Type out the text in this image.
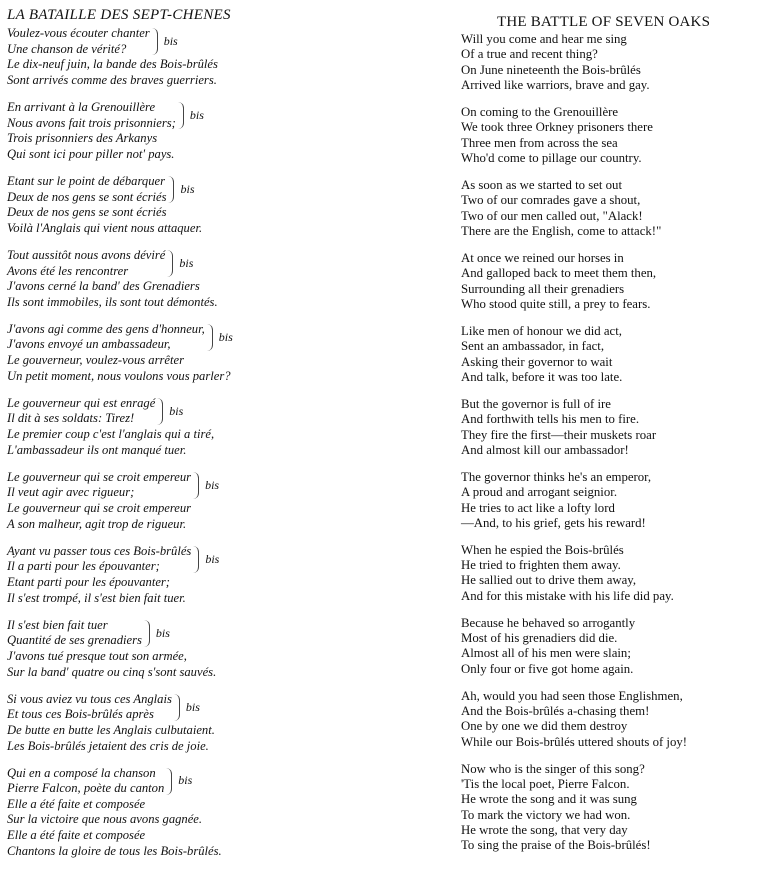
LA BATAILLE DES SEPT-CHENES
Voulez-vous écouter chanter
Une chanson de vérité?
bis
Le dix-neuf juin, la bande des Bois-brûlés
Sont arrivés comme des braves guerriers.
En arrivant à la Grenouillère
Nous avons fait trois prisonniers;
bis
Trois prisonniers des Arkanys
Qui sont ici pour piller not' pays.
Etant sur le point de débarquer
Deux de nos gens se sont écriés
bis
Deux de nos gens se sont écriés
Voilà l'Anglais qui vient nous attaquer.
Tout aussitôt nous avons déviré
Avons été les rencontrer
bis
J'avons cerné la band' des Grenadiers
Ils sont immobiles, ils sont tout démontés.
J'avons agi comme des gens d'honneur,
J'avons envoyé un ambassadeur,
bis
Le gouverneur, voulez-vous arrêter
Un petit moment, nous voulons vous parler?
Le gouverneur qui est enragé
Il dit à ses soldats: Tirez!
bis
Le premier coup c'est l'anglais qui a tiré,
L'ambassadeur ils ont manqué tuer.
Le gouverneur qui se croit empereur
Il veut agir avec rigueur;
bis
Le gouverneur qui se croit empereur
A son malheur, agit trop de rigueur.
Ayant vu passer tous ces Bois-brûlés
Il a parti pour les épouvanter;
bis
Etant parti pour les épouvanter;
Il s'est trompé, il s'est bien fait tuer.
Il s'est bien fait tuer
Quantité de ses grenadiers
bis
J'avons tué presque tout son armée,
Sur la band' quatre ou cinq s'sont sauvés.
Si vous aviez vu tous ces Anglais
Et tous ces Bois-brûlés après
bis
De butte en butte les Anglais culbutaient.
Les Bois-brûlés jetaient des cris de joie.
Qui en a composé la chanson
Pierre Falcon, poète du canton
bis
Elle a été faite et composée
Sur la victoire que nous avons gagnée.
Elle a été faite et composée
Chantons la gloire de tous les Bois-brûlés.
THE BATTLE OF SEVEN OAKS
Will you come and hear me sing
Of a true and recent thing?
On June nineteenth the Bois-brûlés
Arrived like warriors, brave and gay.
On coming to the Grenouillère
We took three Orkney prisoners there
Three men from across the sea
Who'd come to pillage our country.
As soon as we started to set out
Two of our comrades gave a shout,
Two of our men called out, "Alack!
There are the English, come to attack!"
At once we reined our horses in
And galloped back to meet them then,
Surrounding all their grenadiers
Who stood quite still, a prey to fears.
Like men of honour we did act,
Sent an ambassador, in fact,
Asking their governor to wait
And talk, before it was too late.
But the governor is full of ire
And forthwith tells his men to fire.
They fire the first—their muskets roar
And almost kill our ambassador!
The governor thinks he's an emperor,
A proud and arrogant seignior.
He tries to act like a lofty lord
—And, to his grief, gets his reward!
When he espied the Bois-brûlés
He tried to frighten them away.
He sallied out to drive them away,
And for this mistake with his life did pay.
Because he behaved so arrogantly
Most of his grenadiers did die.
Almost all of his men were slain;
Only four or five got home again.
Ah, would you had seen those Englishmen,
And the Bois-brûlés a-chasing them!
One by one we did them destroy
While our Bois-brûlés uttered shouts of joy!
Now who is the singer of this song?
'Tis the local poet, Pierre Falcon.
He wrote the song and it was sung
To mark the victory we had won.
He wrote the song, that very day
To sing the praise of the Bois-brûlés!
